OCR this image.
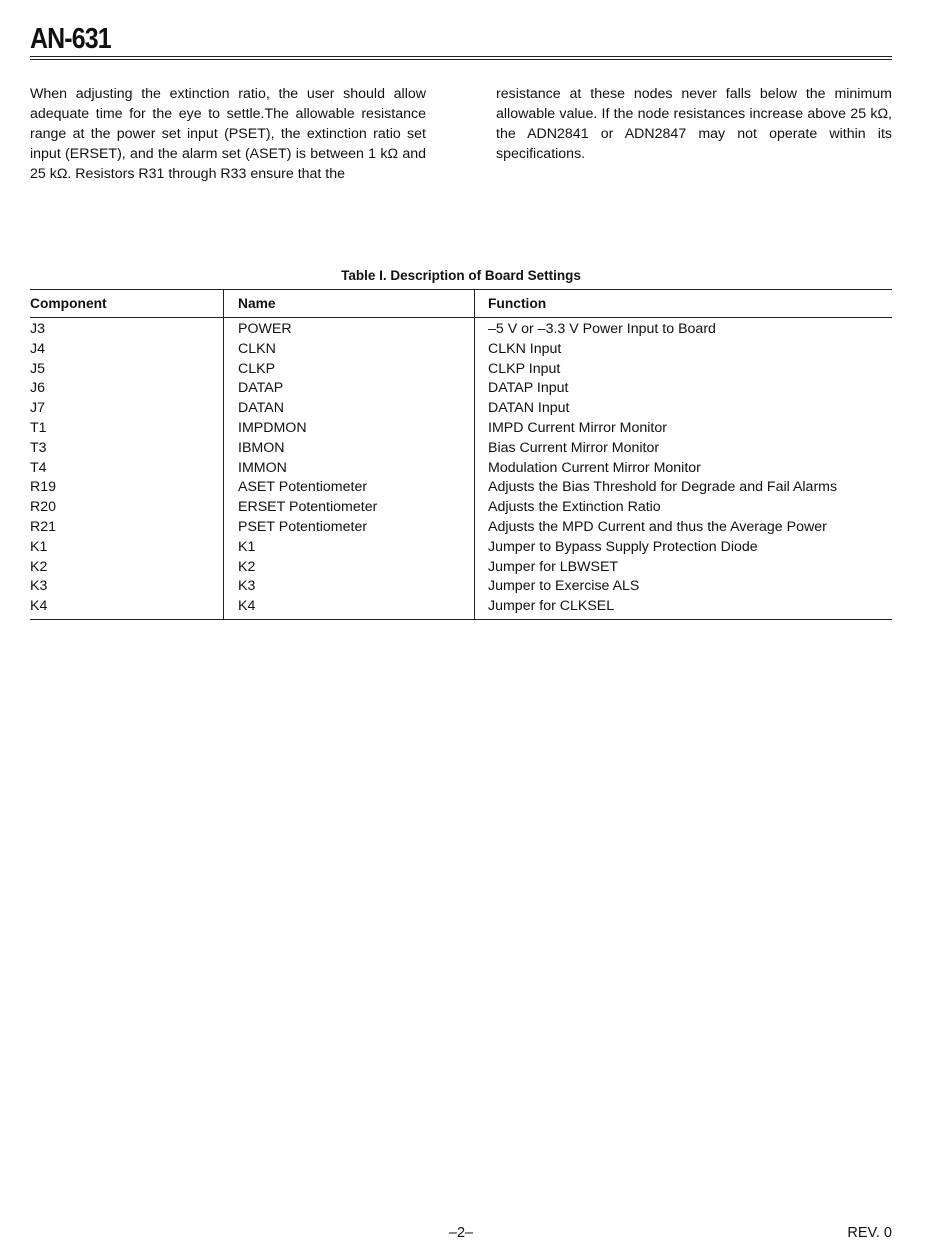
AN-631

When adjusting the extinction ratio, the user should allow adequate time for the eye to settle.The allowable resistance range at the power set input (PSET), the extinction ratio set input (ERSET), and the alarm set (ASET) is between 1 kΩ and 25 kΩ. Resistors R31 through R33 ensure that the

resistance at these nodes never falls below the minimum allowable value. If the node resistances increase above 25 kΩ, the ADN2841 or ADN2847 may not operate within its specifications.

Table I. Description of Board Settings
Component	Name	Function
J3	POWER	–5 V or –3.3 V Power Input to Board
J4	CLKN	CLKN Input
J5	CLKP	CLKP Input
J6	DATAP	DATAP Input
J7	DATAN	DATAN Input
T1	IMPDMON	IMPD Current Mirror Monitor
T3	IBMON	Bias Current Mirror Monitor
T4	IMMON	Modulation Current Mirror Monitor
R19	ASET Potentiometer	Adjusts the Bias Threshold for Degrade and Fail Alarms
R20	ERSET Potentiometer	Adjusts the Extinction Ratio
R21	PSET Potentiometer	Adjusts the MPD Current and thus the Average Power
K1	K1	Jumper to Bypass Supply Protection Diode
K2	K2	Jumper for LBWSET
K3	K3	Jumper to Exercise ALS
K4	K4	Jumper for CLKSEL
–2–	REV. 0
